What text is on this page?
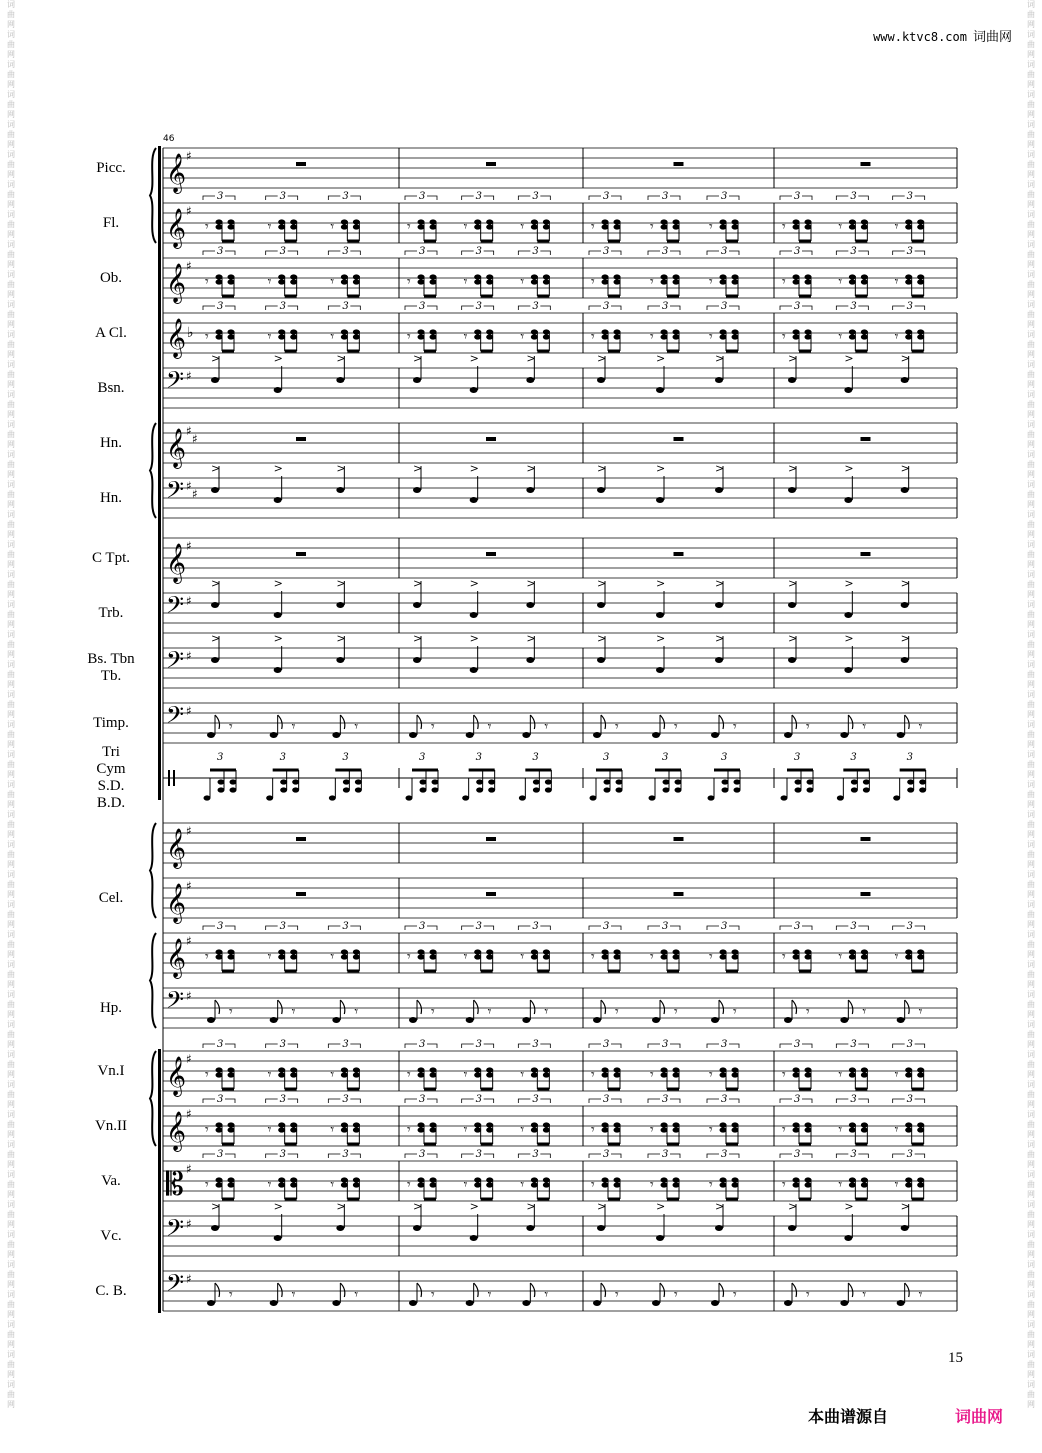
词曲网词曲网词曲网词曲网词曲网词曲网词曲网词曲网词曲网词曲网词曲网词曲网词曲网词曲网词曲网词曲网词曲网词曲网词曲网词曲网词曲网词曲网词曲网词曲网词曲网词曲网词曲网词曲网词曲网词曲网词曲网词曲网词曲网词曲网词曲网词曲网词曲网词曲网词曲网词曲网词曲网词曲网词曲网词曲网词曲网词曲网词曲网
词曲网词曲网词曲网词曲网词曲网词曲网词曲网词曲网词曲网词曲网词曲网词曲网词曲网词曲网词曲网词曲网词曲网词曲网词曲网词曲网词曲网词曲网词曲网词曲网词曲网词曲网词曲网词曲网词曲网词曲网词曲网词曲网词曲网词曲网词曲网词曲网词曲网词曲网词曲网词曲网词曲网词曲网词曲网词曲网词曲网词曲网词曲网
www.ktvc8.com 词曲网
46
𝄞 ♯
𝄞 ♯
𝄾
3
𝄾
3
𝄾
3
𝄾
3
𝄾
3
𝄾
3
𝄾
3
𝄾
3
𝄾
3
𝄾
3
𝄾
3
𝄾
3
𝄞 ♯
𝄾
3
𝄾
3
𝄾
3
𝄾
3
𝄾
3
𝄾
3
𝄾
3
𝄾
3
𝄾
3
𝄾
3
𝄾
3
𝄾
3
𝄞 ♭ 𝄾
3
𝄾
3
𝄾
3
𝄾
3
𝄾
3
𝄾
3
𝄾
3
𝄾
3
𝄾
3
𝄾
3
𝄾
3
𝄾
3
𝄢 ♯
>	>	>	>	>	>	>	>	>	>	>	>
𝄞 ♯
♯
𝄢 ♯
♯
>	>	>	>	>	>	>	>	>	>	>	>
𝄞 ♯
𝄢 ♯
>	>	>	>	>	>	>	>	>	>	>	>
𝄢 ♯
>	>	>	>	>	>	>	>	>	>	>	>
𝄢 ♯
𝄾	𝄾	𝄾	𝄾	𝄾	𝄾	𝄾	𝄾	𝄾	𝄾	𝄾	𝄾
3	3	3	3	3	3	3	3	3	3	3	3
𝄞 ♯
𝄞 ♯
𝄞 ♯
𝄾
3
𝄾
3
𝄾
3
𝄾
3
𝄾
3
𝄾
3
𝄾
3
𝄾
3
𝄾
3
𝄾
3
𝄾
3
𝄾
3
𝄢 ♯
𝄾	𝄾	𝄾	𝄾	𝄾	𝄾	𝄾	𝄾	𝄾	𝄾	𝄾	𝄾
𝄞 ♯
𝄾
3
𝄾
3
𝄾
3
𝄾
3
𝄾
3
𝄾
3
𝄾
3
𝄾
3
𝄾
3
𝄾
3
𝄾
3
𝄾
3
𝄞 ♯
𝄾
3
𝄾
3
𝄾
3
𝄾
3
𝄾
3
𝄾
3
𝄾
3
𝄾
3
𝄾
3
𝄾
3
𝄾
3
𝄾
3
𝄡 ♯
𝄾
3
𝄾
3
𝄾
3
𝄾
3
𝄾
3
𝄾
3
𝄾
3
𝄾
3
𝄾
3
𝄾
3
𝄾
3
𝄾
3
𝄢 ♯
>	>	>	>	>	>	>	>	>	>	>	>
𝄢 ♯
𝄾	𝄾	𝄾	𝄾	𝄾	𝄾	𝄾	𝄾	𝄾	𝄾	𝄾	𝄾
Picc.
Fl.
Ob.
A Cl.
Bsn.
Hn.
Hn.
C Tpt.
Trb.
Bs. Tbn
Tb.
Timp.
Tri
Cym
S.D.
B.D.
Cel.
Hp.
Vn.I
Vn.II
Va.
Vc.
C. B.
15
本曲谱源自	词曲网
